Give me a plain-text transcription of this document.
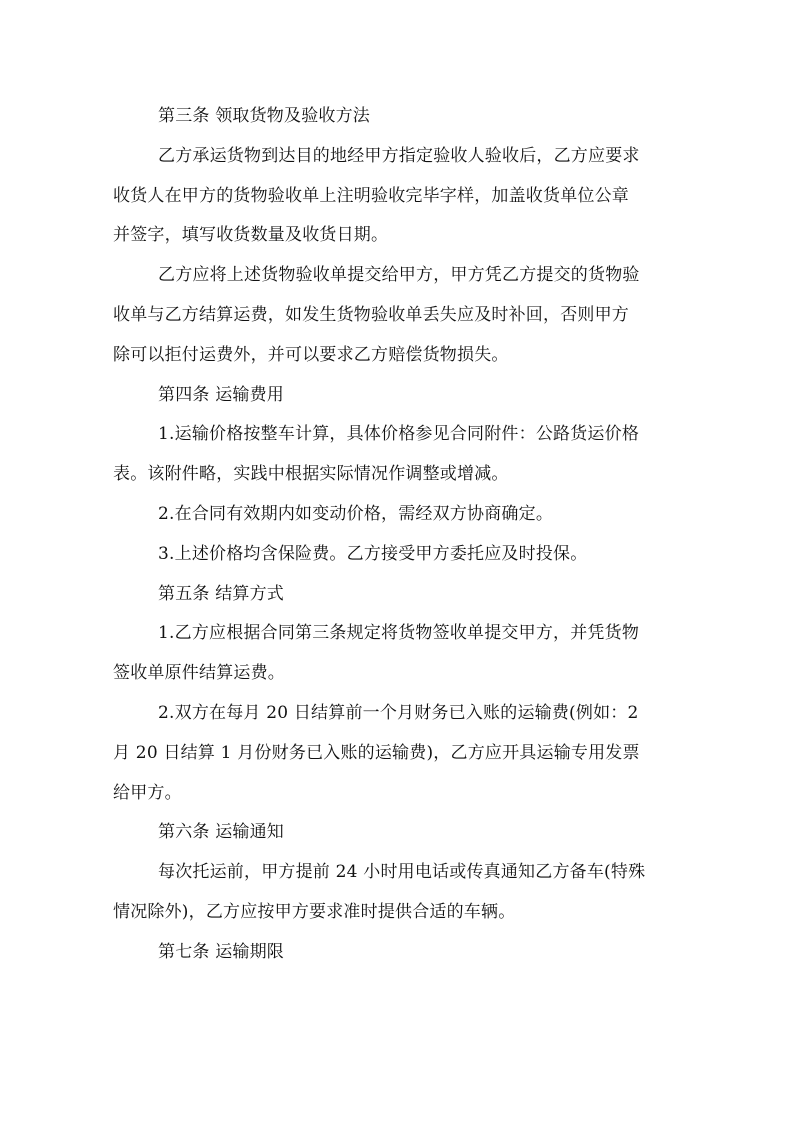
第三条 领取货物及验收方法
乙方承运货物到达目的地经甲方指定验收人验收后，乙方应要求
收货人在甲方的货物验收单上注明验收完毕字样，加盖收货单位公章
并签字，填写收货数量及收货日期。
乙方应将上述货物验收单提交给甲方，甲方凭乙方提交的货物验
收单与乙方结算运费，如发生货物验收单丢失应及时补回，否则甲方
除可以拒付运费外，并可以要求乙方赔偿货物损失。
第四条 运输费用
1.运输价格按整车计算，具体价格参见合同附件：公路货运价格
表。该附件略，实践中根据实际情况作调整或增减。
2.在合同有效期内如变动价格，需经双方协商确定。
3.上述价格均含保险费。乙方接受甲方委托应及时投保。
第五条 结算方式
1.乙方应根据合同第三条规定将货物签收单提交甲方，并凭货物
签收单原件结算运费。
2.双方在每月 20 日结算前一个月财务已入账的运输费(例如：2
月 20 日结算 1 月份财务已入账的运输费)，乙方应开具运输专用发票
给甲方。
第六条 运输通知
每次托运前，甲方提前 24 小时用电话或传真通知乙方备车(特殊
情况除外)，乙方应按甲方要求准时提供合适的车辆。
第七条 运输期限
